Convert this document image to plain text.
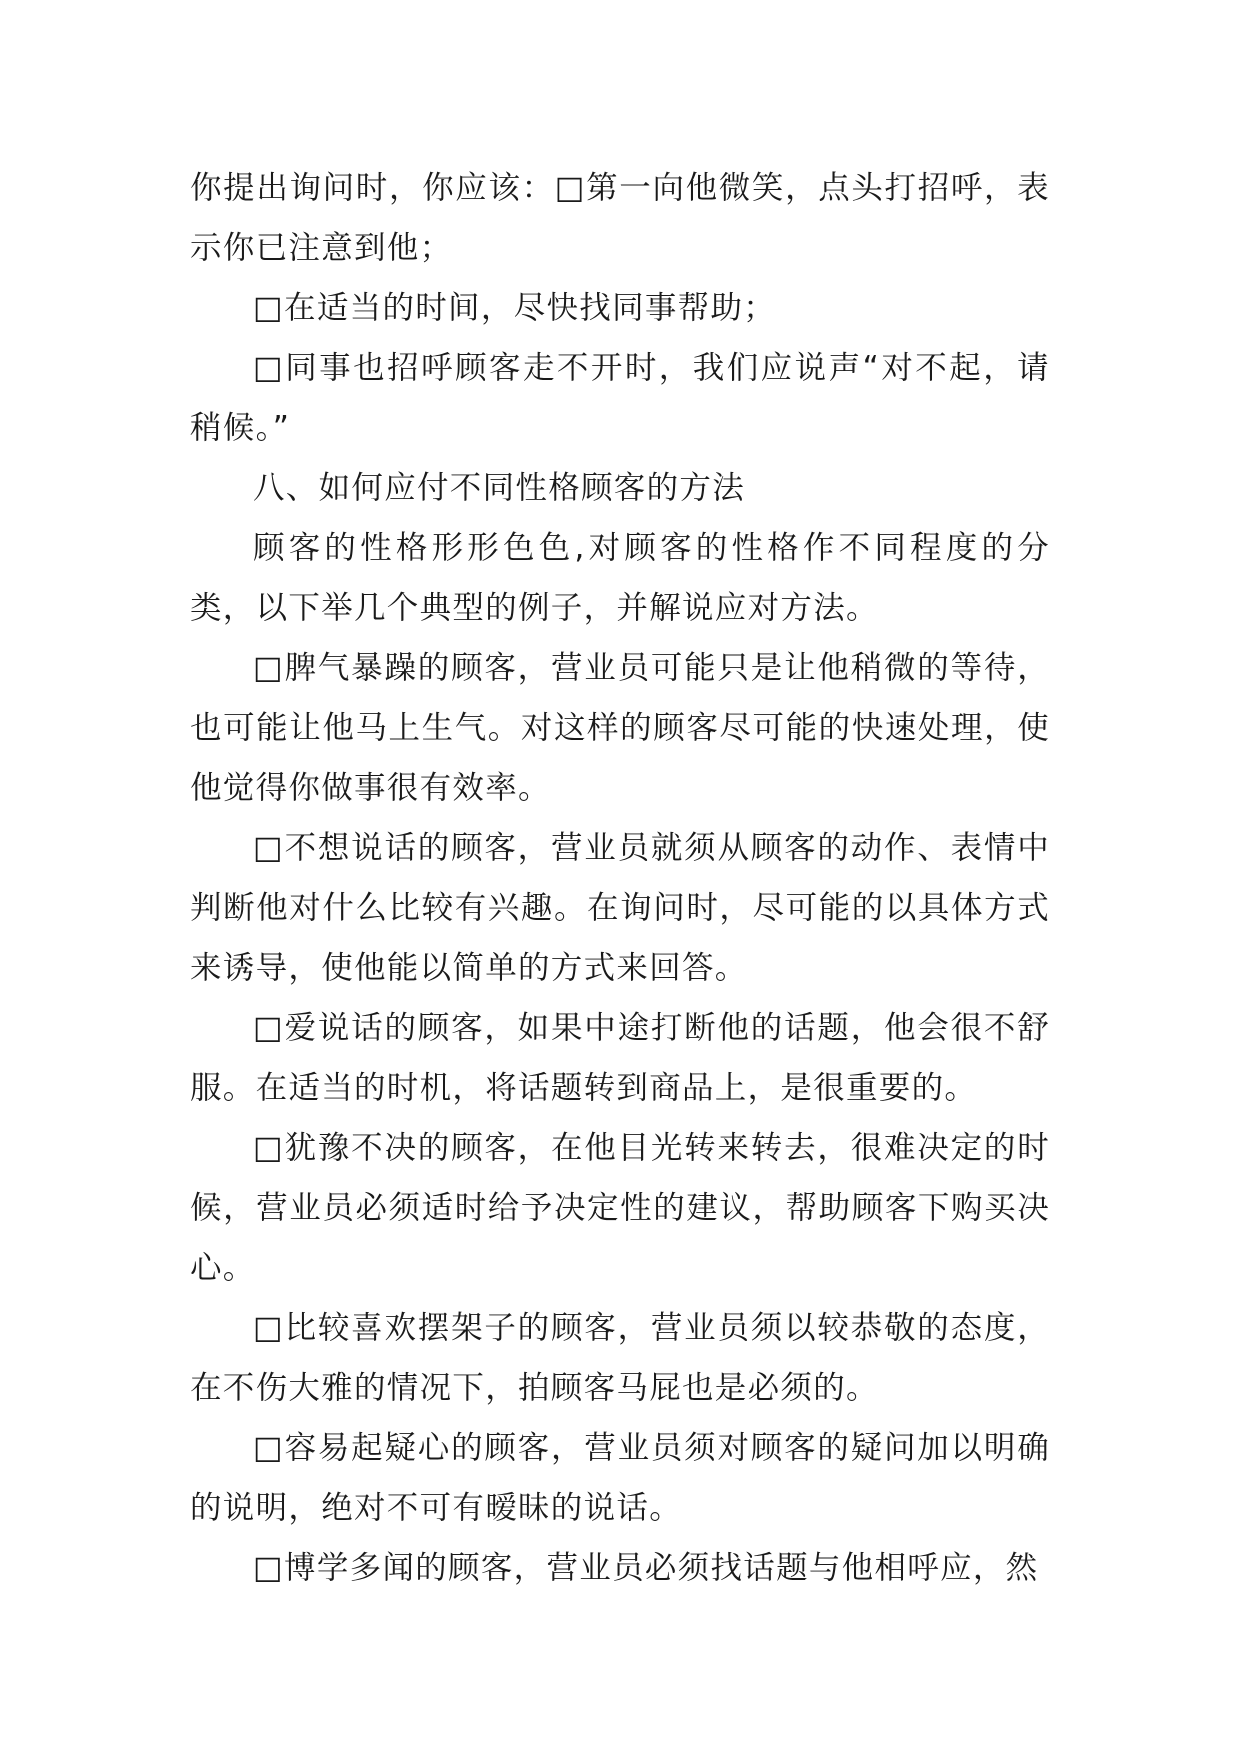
你提出询问时，你应该：□第一向他微笑，点头打招呼，表示你已注意到他；

□在适当的时间，尽快找同事帮助；

□同事也招呼顾客走不开时，我们应说声“对不起，请稍候。”

八、如何应付不同性格顾客的方法

顾客的性格形形色色,对顾客的性格作不同程度的分类，以下举几个典型的例子，并解说应对方法。

□脾气暴躁的顾客，营业员可能只是让他稍微的等待，也可能让他马上生气。对这样的顾客尽可能的快速处理，使他觉得你做事很有效率。

□不想说话的顾客，营业员就须从顾客的动作、表情中判断他对什么比较有兴趣。在询问时，尽可能的以具体方式来诱导，使他能以简单的方式来回答。

□爱说话的顾客，如果中途打断他的话题，他会很不舒服。在适当的时机，将话题转到商品上，是很重要的。

□犹豫不决的顾客，在他目光转来转去，很难决定的时候，营业员必须适时给予决定性的建议，帮助顾客下购买决心。

□比较喜欢摆架子的顾客，营业员须以较恭敬的态度，在不伤大雅的情况下，拍顾客马屁也是必须的。

□容易起疑心的顾客，营业员须对顾客的疑问加以明确的说明，绝对不可有暧昧的说话。

□博学多闻的顾客，营业员必须找话题与他相呼应，然
